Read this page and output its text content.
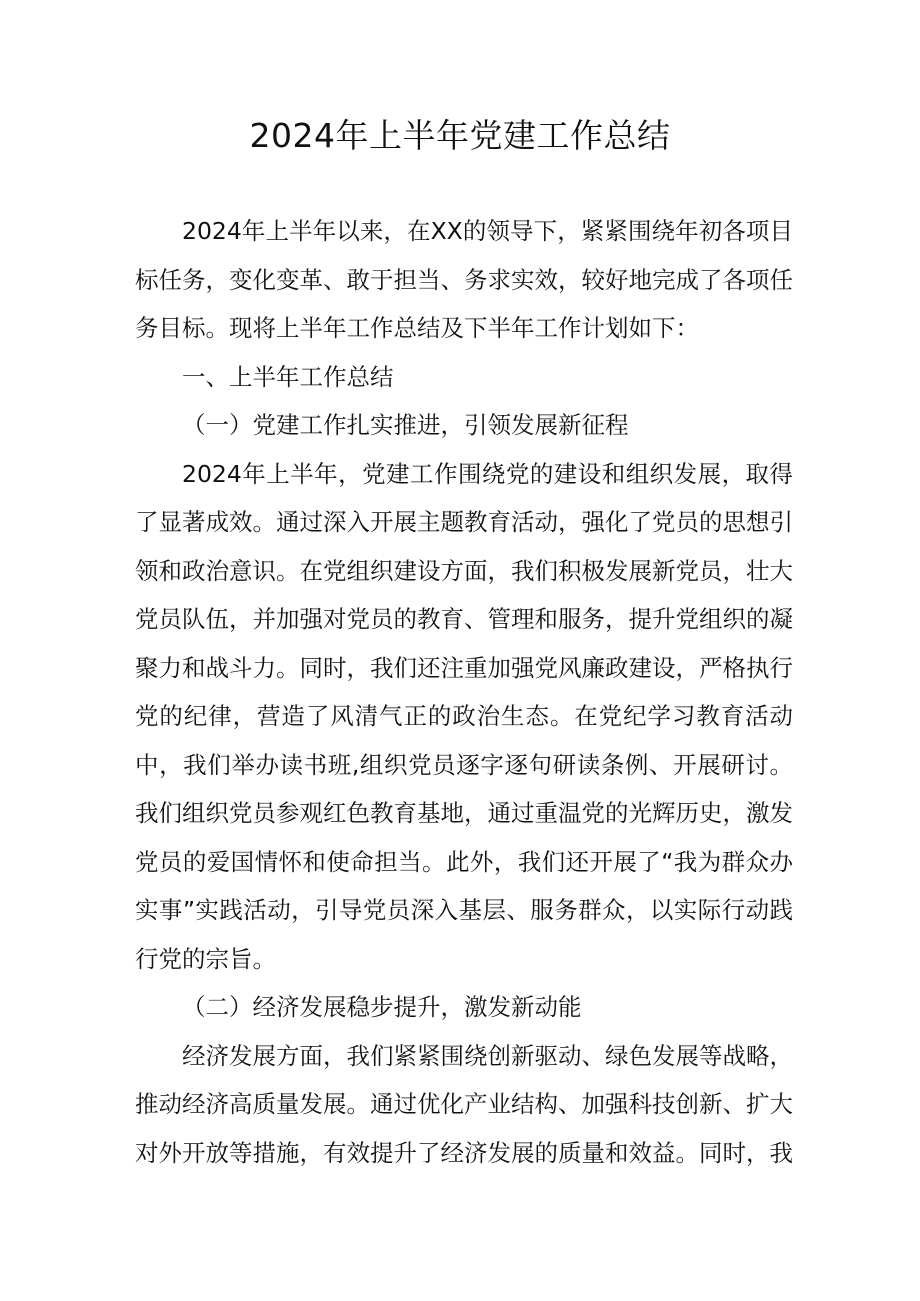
2024年上半年党建工作总结

2024年上半年以来，在XX的领导下，紧紧围绕年初各项目标任务，变化变革、敢于担当、务求实效，较好地完成了各项任务目标。现将上半年工作总结及下半年工作计划如下：

一、上半年工作总结

（一）党建工作扎实推进，引领发展新征程

2024年上半年，党建工作围绕党的建设和组织发展，取得了显著成效。通过深入开展主题教育活动，强化了党员的思想引领和政治意识。在党组织建设方面，我们积极发展新党员，壮大党员队伍，并加强对党员的教育、管理和服务，提升党组织的凝聚力和战斗力。同时，我们还注重加强党风廉政建设，严格执行党的纪律，营造了风清气正的政治生态。在党纪学习教育活动中，我们举办读书班,组织党员逐字逐句研读条例、开展研讨。我们组织党员参观红色教育基地，通过重温党的光辉历史，激发党员的爱国情怀和使命担当。此外，我们还开展了“我为群众办实事”实践活动，引导党员深入基层、服务群众，以实际行动践行党的宗旨。

（二）经济发展稳步提升，激发新动能

经济发展方面，我们紧紧围绕创新驱动、绿色发展等战略，推动经济高质量发展。通过优化产业结构、加强科技创新、扩大对外开放等措施，有效提升了经济发展的质量和效益。同时，我
